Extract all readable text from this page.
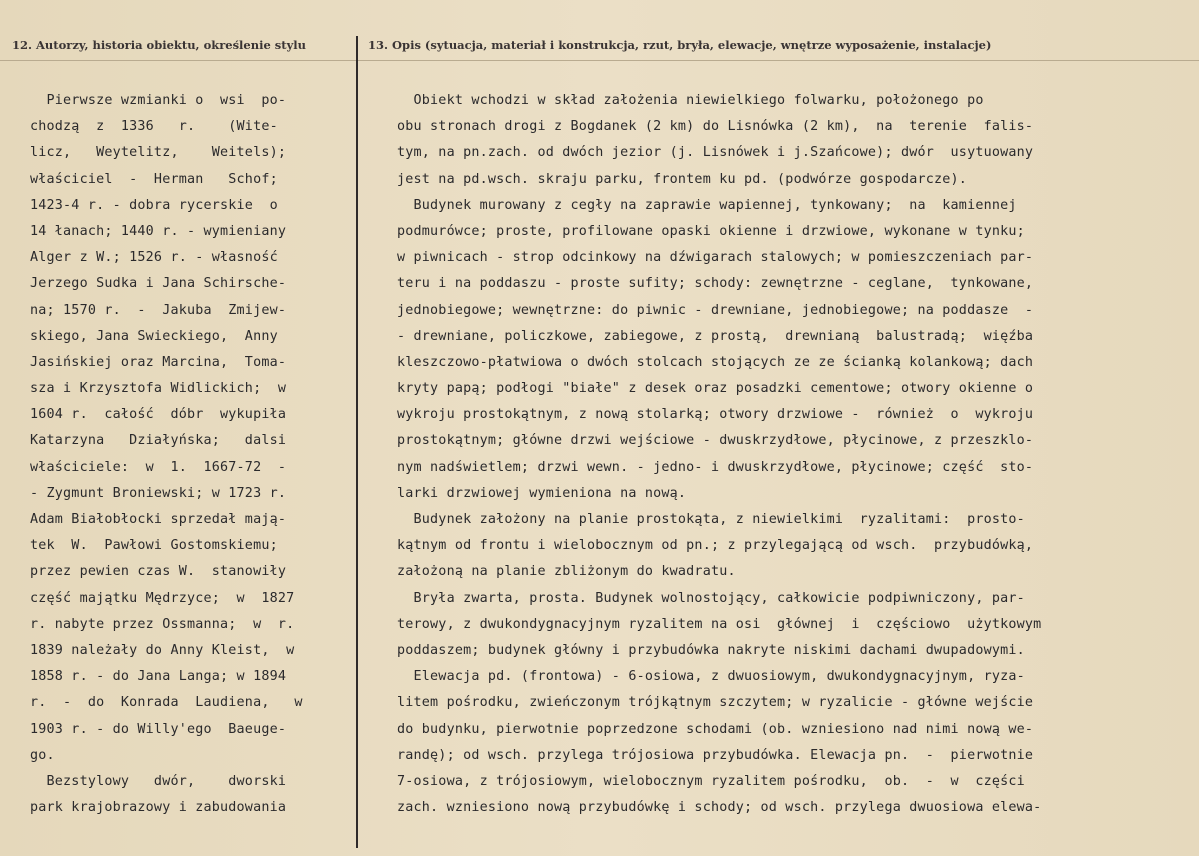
12. Autorzy, historia obiektu, określenie stylu	13. Opis (sytuacja, materiał i konstrukcja, rzut, bryła, elewacje, wnętrze wyposażenie, instalacje)
Pierwsze wzmianki o  wsi  po-
chodzą  z  1336   r.    (Wite-
licz,   Weytelitz,    Weitels);
właściciel  -  Herman   Schof;
1423-4 r. - dobra rycerskie  o
14 łanach; 1440 r. - wymieniany
Alger z W.; 1526 r. - własność
Jerzego Sudka i Jana Schirsche-
na; 1570 r.  -  Jakuba  Zmijew-
skiego, Jana Swieckiego,  Anny
Jasińskiej oraz Marcina,  Toma-
sza i Krzysztofa Widlickich;  w
1604 r.  całość  dóbr  wykupiła
Katarzyna   Działyńska;   dalsi
właściciele:  w  1.  1667-72  -
- Zygmunt Broniewski; w 1723 r.
Adam Białobłocki sprzedał mają-
tek  W.  Pawłowi Gostomskiemu;
przez pewien czas W.  stanowiły
część majątku Mędrzyce;  w  1827
r. nabyte przez Ossmanna;  w  r.
1839 należały do Anny Kleist,  w
1858 r. - do Jana Langa; w 1894
r.  -  do  Konrada  Laudiena,   w
1903 r. - do Willy'ego  Baeuge-
go.
Bezstylowy   dwór,    dworski
park krajobrazowy i zabudowania
Obiekt wchodzi w skład założenia niewielkiego folwarku, położonego po
obu stronach drogi z Bogdanek (2 km) do Lisnówka (2 km),  na  terenie  falis-
tym, na pn.zach. od dwóch jezior (j. Lisnówek i j.Szańcowe); dwór  usytuowany
jest na pd.wsch. skraju parku, frontem ku pd. (podwórze gospodarcze).
Budynek murowany z cegły na zaprawie wapiennej, tynkowany;  na  kamiennej
podmurówce; proste, profilowane opaski okienne i drzwiowe, wykonane w tynku;
w piwnicach - strop odcinkowy na dźwigarach stalowych; w pomieszczeniach par-
teru i na poddaszu - proste sufity; schody: zewnętrzne - ceglane,  tynkowane,
jednobiegowe; wewnętrzne: do piwnic - drewniane, jednobiegowe; na poddasze  -
- drewniane, policzkowe, zabiegowe, z prostą,  drewnianą  balustradą;  więźba
kleszczowo-płatwiowa o dwóch stolcach stojących ze ze ścianką kolankową; dach
kryty papą; podłogi "białe" z desek oraz posadzki cementowe; otwory okienne o
wykroju prostokątnym, z nową stolarką; otwory drzwiowe -  również  o  wykroju
prostokątnym; główne drzwi wejściowe - dwuskrzydłowe, płycinowe, z przeszklo-
nym nadświetlem; drzwi wewn. - jedno- i dwuskrzydłowe, płycinowe; część  sto-
larki drzwiowej wymieniona na nową.
Budynek założony na planie prostokąta, z niewielkimi  ryzalitami:  prosto-
kątnym od frontu i wielobocznym od pn.; z przylegającą od wsch.  przybudówką,
założoną na planie zbliżonym do kwadratu.
Bryła zwarta, prosta. Budynek wolnostojący, całkowicie podpiwniczony, par-
terowy, z dwukondygnacyjnym ryzalitem na osi  głównej  i  częściowo  użytkowym
poddaszem; budynek główny i przybudówka nakryte niskimi dachami dwupadowymi.
Elewacja pd. (frontowa) - 6-osiowa, z dwuosiowym, dwukondygnacyjnym, ryza-
litem pośrodku, zwieńczonym trójkątnym szczytem; w ryzalicie - główne wejście
do budynku, pierwotnie poprzedzone schodami (ob. wzniesiono nad nimi nową we-
randę); od wsch. przylega trójosiowa przybudówka. Elewacja pn.  -  pierwotnie
7-osiowa, z trójosiowym, wielobocznym ryzalitem pośrodku,  ob.  -  w  części
zach. wzniesiono nową przybudówkę i schody; od wsch. przylega dwuosiowa elewa-
